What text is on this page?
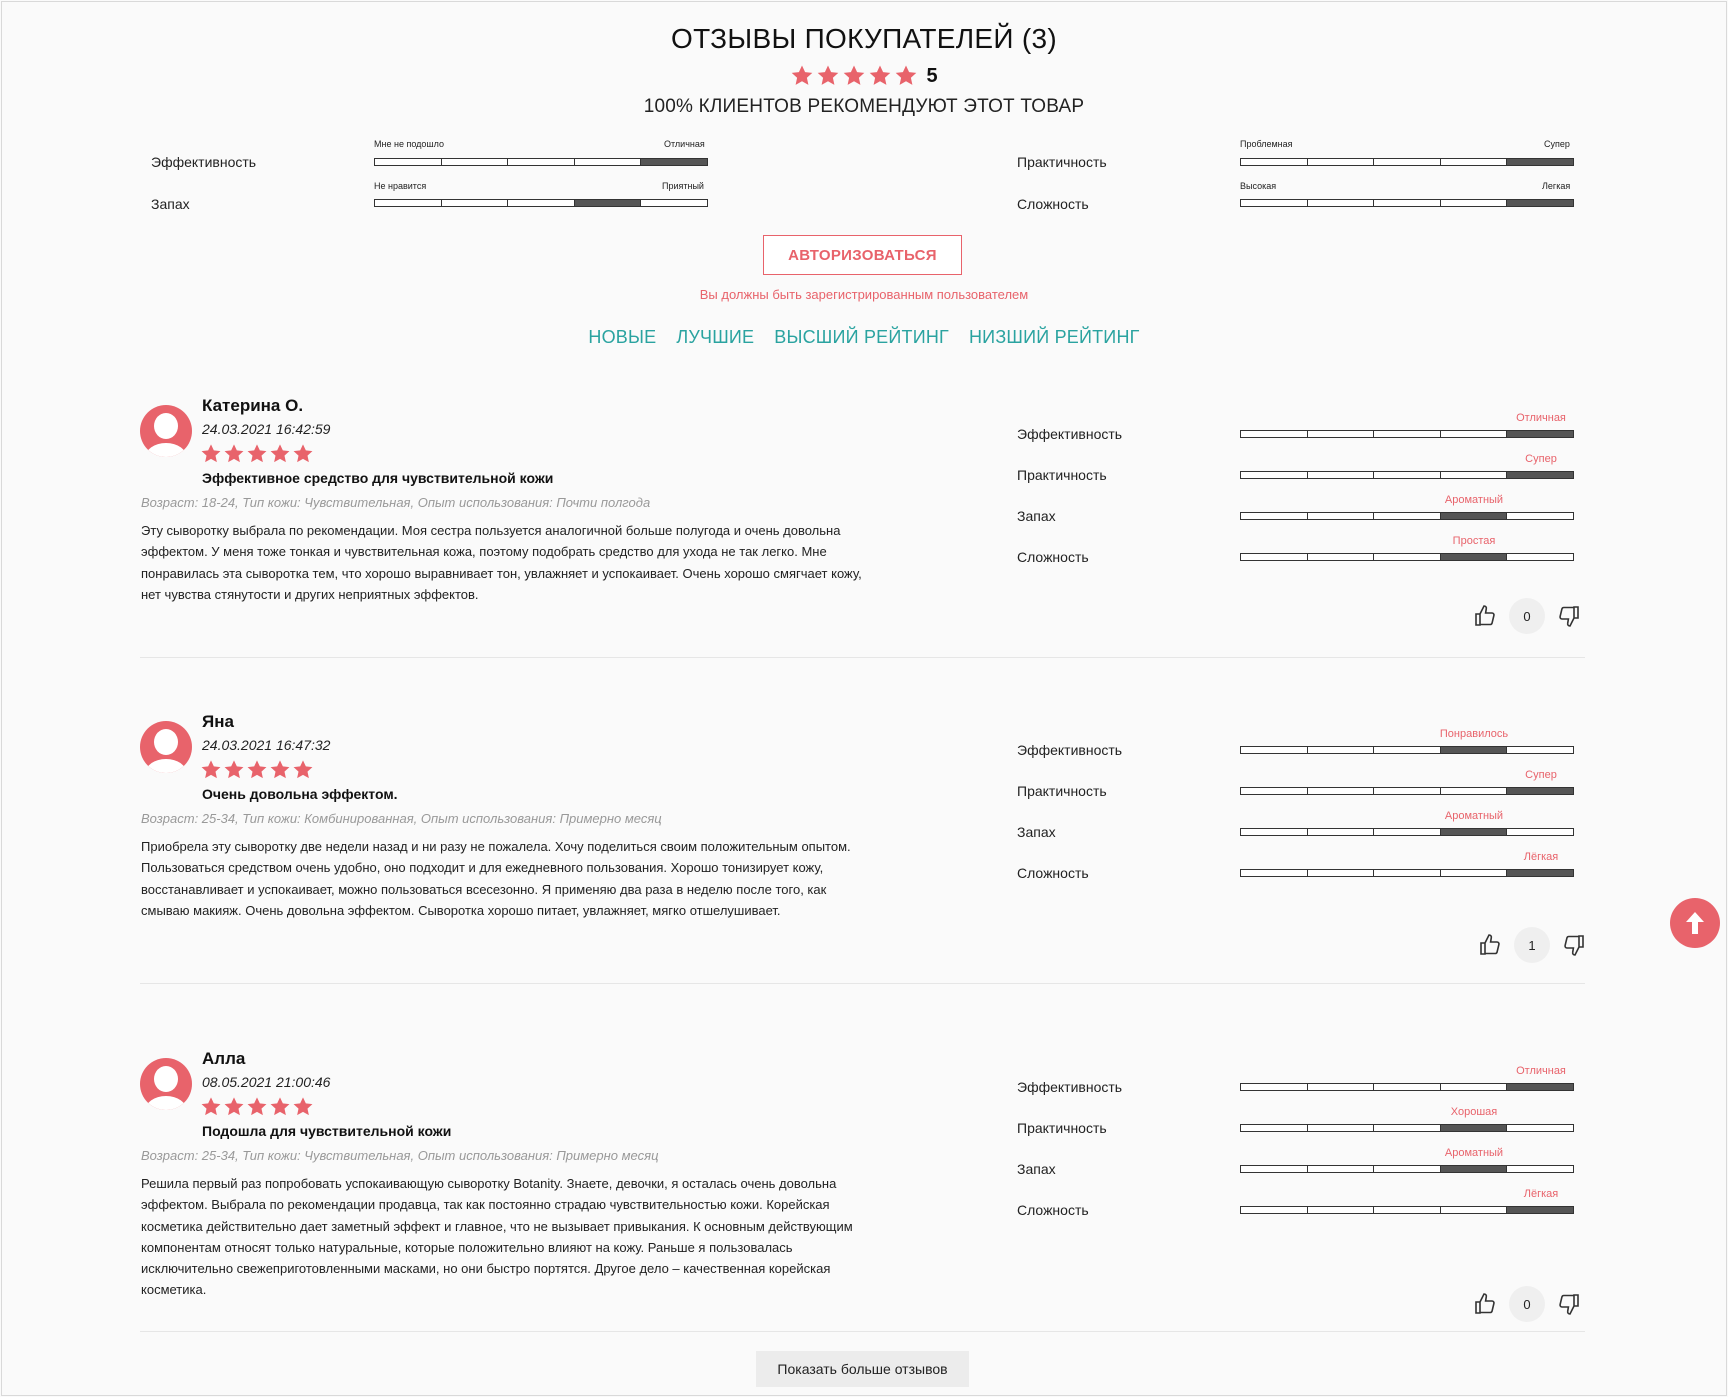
ОТЗЫВЫ ПОКУПАТЕЛЕЙ (3)
5
100% КЛИЕНТОВ РЕКОМЕНДУЮТ ЭТОТ ТОВАР
Эффективность
Мне не подошло	Отличная
Запах
Не нравится	Приятный
Практичность
Проблемная	Супер
Сложность
Высокая	Легкая
АВТОРИЗОВАТЬСЯ
Вы должны быть зарегистрированным пользователем
НОВЫЕ ЛУЧШИЕ ВЫСШИЙ РЕЙТИНГ НИЗШИЙ РЕЙТИНГ
Катерина О.
24.03.2021 16:42:59
Эффективное средство для чувствительной кожи
Возраст: 18-24, Тип кожи: Чувствительная, Опыт использования: Почти полгода
Эту сыворотку выбрала по рекомендации. Моя сестра пользуется аналогичной больше полугода и очень довольна эффектом. У меня тоже тонкая и чувствительная кожа, поэтому подобрать средство для ухода не так легко. Мне понравилась эта сыворотка тем, что хорошо выравнивает тон, увлажняет и успокаивает. Очень хорошо смягчает кожу, нет чувства стянутости и других неприятных эффектов.
Эффективность
Отличная
Практичность
Супер
Запах
Ароматный
Сложность
Простая
0
Яна
24.03.2021 16:47:32
Очень довольна эффектом.
Возраст: 25-34, Тип кожи: Комбинированная, Опыт использования: Примерно месяц
Приобрела эту сыворотку две недели назад и ни разу не пожалела. Хочу поделиться своим положительным опытом. Пользоваться средством очень удобно, оно подходит и для ежедневного пользования. Хорошо тонизирует кожу, восстанавливает и успокаивает, можно пользоваться всесезонно. Я применяю два раза в неделю после того, как смываю макияж. Очень довольна эффектом. Сыворотка хорошо питает, увлажняет, мягко отшелушивает.
Эффективность
Понравилось
Практичность
Супер
Запах
Ароматный
Сложность
Лёгкая
1
Алла
08.05.2021 21:00:46
Подошла для чувствительной кожи
Возраст: 25-34, Тип кожи: Чувствительная, Опыт использования: Примерно месяц
Решила первый раз попробовать успокаивающую сыворотку Botanity. Знаете, девочки, я осталась очень довольна эффектом. Выбрала по рекомендации продавца, так как постоянно страдаю чувствительностью кожи. Корейская косметика действительно дает заметный эффект и главное, что не вызывает привыкания. К основным действующим компонентам относят только натуральные, которые положительно влияют на кожу. Раньше я пользовалась исключительно свежеприготовленными масками, но они быстро портятся. Другое дело – качественная корейская косметика.
Эффективность
Отличная
Практичность
Хорошая
Запах
Ароматный
Сложность
Лёгкая
0
Показать больше отзывов
